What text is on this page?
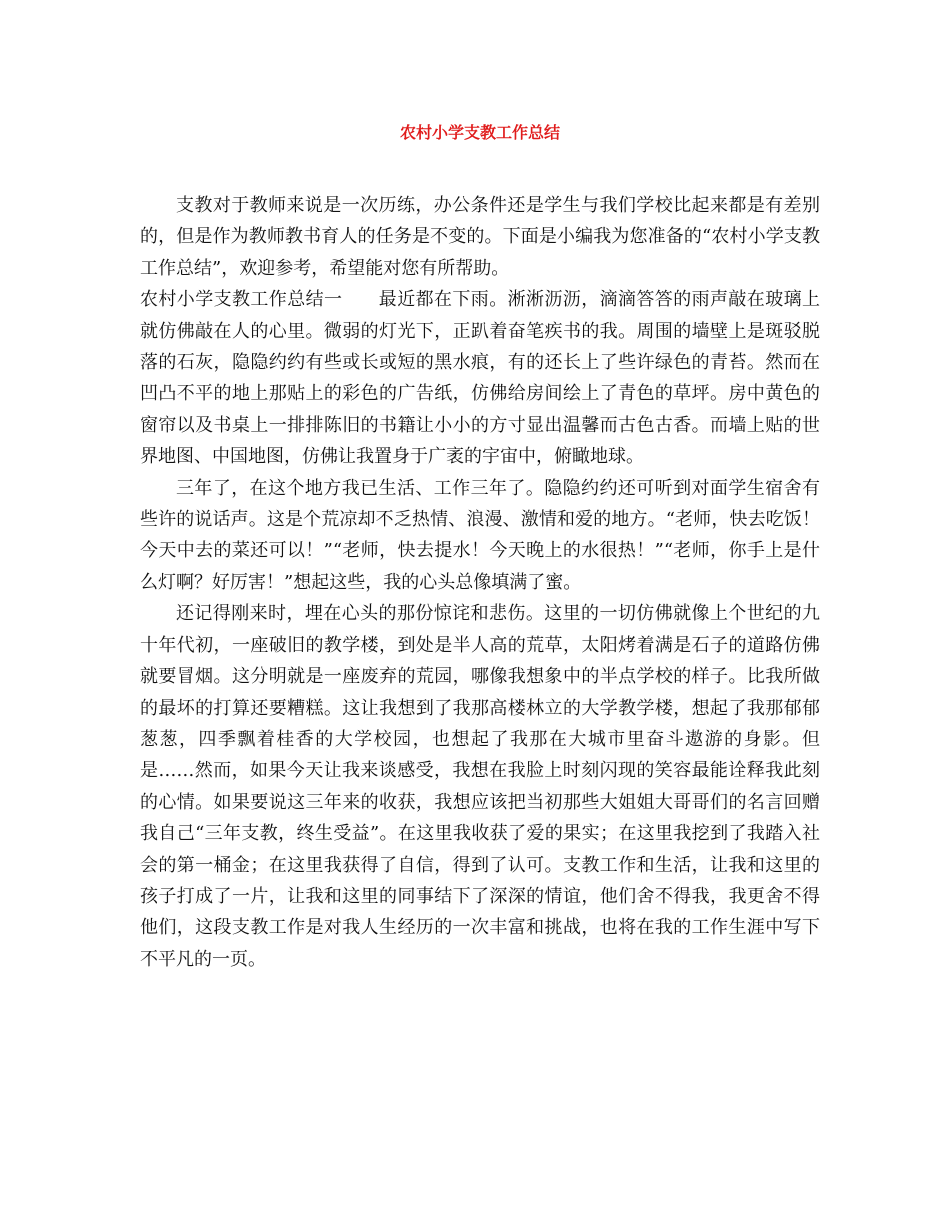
农村小学支教工作总结

支教对于教师来说是一次历练，办公条件还是学生与我们学校比起来都是有差别的，但是作为教师教书育人的任务是不变的。下面是小编我为您准备的“农村小学支教工作总结”，欢迎参考，希望能对您有所帮助。

农村小学支教工作总结一 最近都在下雨。淅淅沥沥，滴滴答答的雨声敲在玻璃上就仿佛敲在人的心里。微弱的灯光下，正趴着奋笔疾书的我。周围的墙壁上是斑驳脱落的石灰，隐隐约约有些或长或短的黑水痕，有的还长上了些许绿色的青苔。然而在凹凸不平的地上那贴上的彩色的广告纸，仿佛给房间绘上了青色的草坪。房中黄色的窗帘以及书桌上一排排陈旧的书籍让小小的方寸显出温馨而古色古香。而墙上贴的世界地图、中国地图，仿佛让我置身于广袤的宇宙中，俯瞰地球。

三年了，在这个地方我已生活、工作三年了。隐隐约约还可听到对面学生宿舍有些许的说话声。这是个荒凉却不乏热情、浪漫、激情和爱的地方。“老师，快去吃饭！今天中去的菜还可以！”“老师，快去提水！今天晚上的水很热！”“老师，你手上是什么灯啊？好厉害！”想起这些，我的心头总像填满了蜜。

还记得刚来时，埋在心头的那份惊诧和悲伤。这里的一切仿佛就像上个世纪的九十年代初，一座破旧的教学楼，到处是半人高的荒草，太阳烤着满是石子的道路仿佛就要冒烟。这分明就是一座废弃的荒园，哪像我想象中的半点学校的样子。比我所做的最坏的打算还要糟糕。这让我想到了我那高楼林立的大学教学楼，想起了我那郁郁葱葱，四季飘着桂香的大学校园，也想起了我那在大城市里奋斗遨游的身影。但是……然而，如果今天让我来谈感受，我想在我脸上时刻闪现的笑容最能诠释我此刻的心情。如果要说这三年来的收获，我想应该把当初那些大姐姐大哥哥们的名言回赠我自己“三年支教，终生受益”。在这里我收获了爱的果实；在这里我挖到了我踏入社会的第一桶金；在这里我获得了自信，得到了认可。支教工作和生活，让我和这里的孩子打成了一片，让我和这里的同事结下了深深的情谊，他们舍不得我，我更舍不得他们，这段支教工作是对我人生经历的一次丰富和挑战，也将在我的工作生涯中写下不平凡的一页。
